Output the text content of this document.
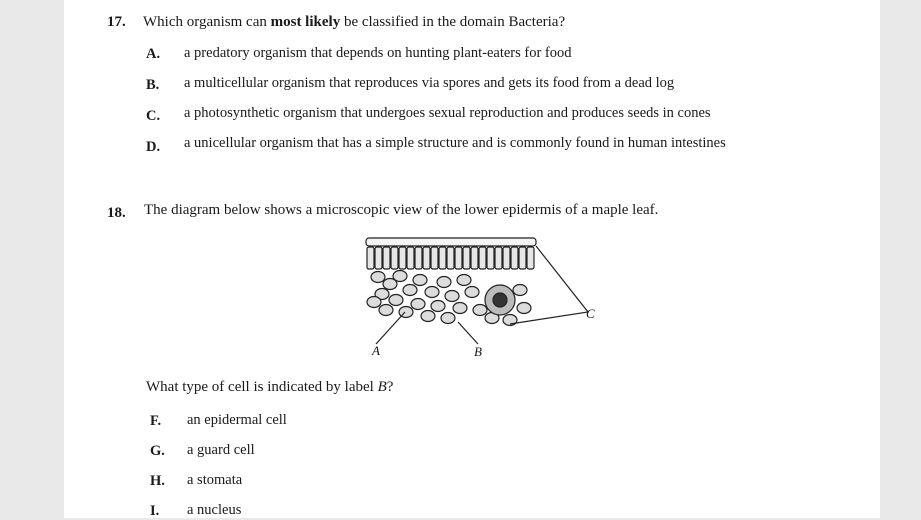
17. Which organism can most likely be classified in the domain Bacteria?
A. a predatory organism that depends on hunting plant-eaters for food
B. a multicellular organism that reproduces via spores and gets its food from a dead log
C. a photosynthetic organism that undergoes sexual reproduction and produces seeds in cones
D. a unicellular organism that has a simple structure and is commonly found in human intestines
18. The diagram below shows a microscopic view of the lower epidermis of a maple leaf.
What type of cell is indicated by label B?
F. an epidermal cell
G. a guard cell
H. a stomata
I. a nucleus
A	B
C
